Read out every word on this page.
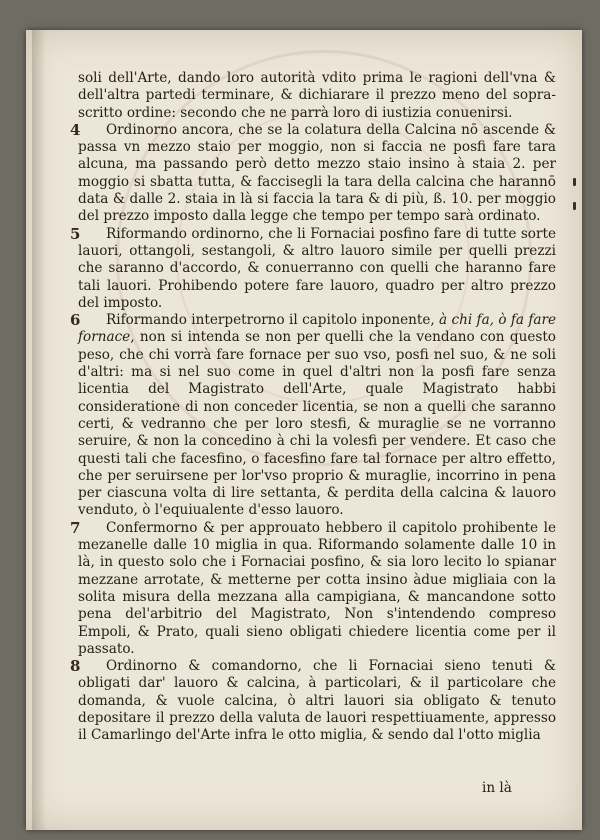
soli dell'Arte, dando loro autorità vdito prima le ragioni dell'vna & dell'altra partedi terminare, & dichiarare il prezzo meno del sopra-scritto ordine: secondo che ne parrà loro di iustizia conuenirsi.

4 Ordinorno ancora, che se la colatura della Calcina nō ascende & passa vn mezzo staio per moggio, non si faccia ne posfi fare tara alcuna, ma passando però detto mezzo staio insino à staia 2. per moggio si sbatta tutta, & faccisegli la tara della calcina che harannō data & dalle 2. staia in là si faccia la tara & di più, ß. 10. per moggio del prezzo imposto dalla legge che tempo per tempo sarà ordinato.

5 Riformando ordinorno, che li Fornaciai posfino fare di tutte sorte lauori, ottangoli, sestangoli, & altro lauoro simile per quelli prezzi che saranno d'accordo, & conuerranno con quelli che haranno fare tali lauori. Prohibendo potere fare lauoro, quadro per altro prezzo del imposto.

6 Riformando interpetrorno il capitolo inponente, à chi fa, ò fa fare fornace, non si intenda se non per quelli che la vendano con questo peso, che chi vorrà fare fornace per suo vso, posfi nel suo, & ne soli d'altri: ma si nel suo come in quel d'altri non la posfi fare senza licentia del Magistrato dell'Arte, quale Magistrato habbi consideratione di non conceder licentia, se non a quelli che saranno certi, & vedranno che per loro stesfi, & muraglie se ne vorranno seruire, & non la concedino à chi la volesfi per vendere. Et caso che questi tali che facesfino, o facesfino fare tal fornace per altro effetto, che per seruirsene per lor'vso proprio & muraglie, incorrino in pena per ciascuna volta di lire settanta, & perdita della calcina & lauoro venduto, ò l'equiualente d'esso lauoro.

7 Confermorno & per approuato hebbero il capitolo prohibente le mezanelle dalle 10 miglia in qua. Riformando solamente dalle 10 in là, in questo solo che i Fornaciai posfino, & sia loro lecito lo spianar mezzane arrotate, & metterne per cotta insino àdue migliaia con la solita misura della mezzana alla campigiana, & mancandone sotto pena del'arbitrio del Magistrato, Non s'intendendo compreso Empoli, & Prato, quali sieno obligati chiedere licentia come per il passato.

8 Ordinorno & comandorno, che li Fornaciai sieno tenuti & obligati dar' lauoro & calcina, à particolari, & il particolare che domanda, & vuole calcina, ò altri lauori sia obligato & tenuto depositare il prezzo della valuta de lauori respettiuamente, appresso il Camarlingo del'Arte infra le otto miglia, & sendo dal l'otto miglia

in là
